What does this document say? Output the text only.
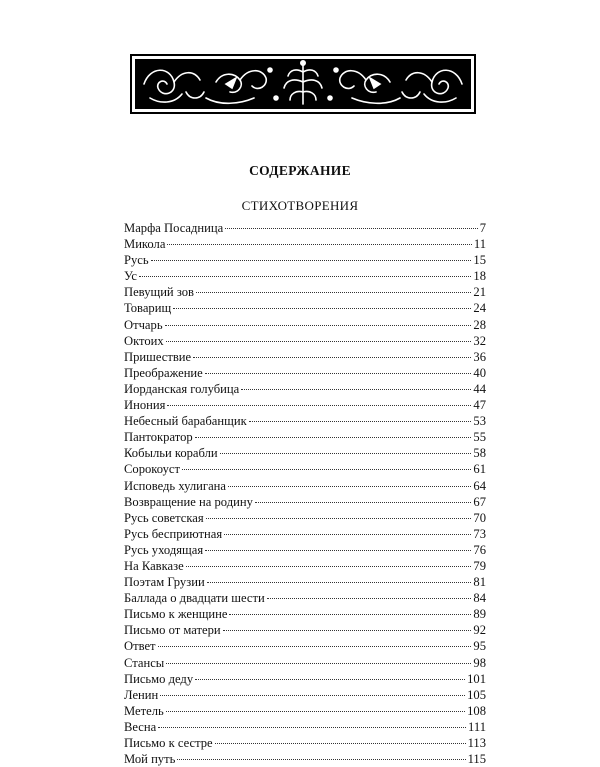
СОДЕРЖАНИЕ
СТИХОТВОРЕНИЯ
Марфа Посадница	7
Микола	11
Русь	15
Ус	18
Певущий зов	21
Товарищ	24
Отчарь	28
Октоих	32
Пришествие	36
Преображение	40
Иорданская голубица	44
Инония	47
Небесный барабанщик	53
Пантократор	55
Кобыльи корабли	58
Сорокоуст	61
Исповедь хулигана	64
Возвращение на родину	67
Русь советская	70
Русь бесприютная	73
Русь уходящая	76
На Кавказе	79
Поэтам Грузии	81
Баллада о двадцати шести	84
Письмо к женщине	89
Письмо от матери	92
Ответ	95
Стансы	98
Письмо деду	101
Ленин	105
Метель	108
Весна	111
Письмо к сестре	113
Мой путь	115
